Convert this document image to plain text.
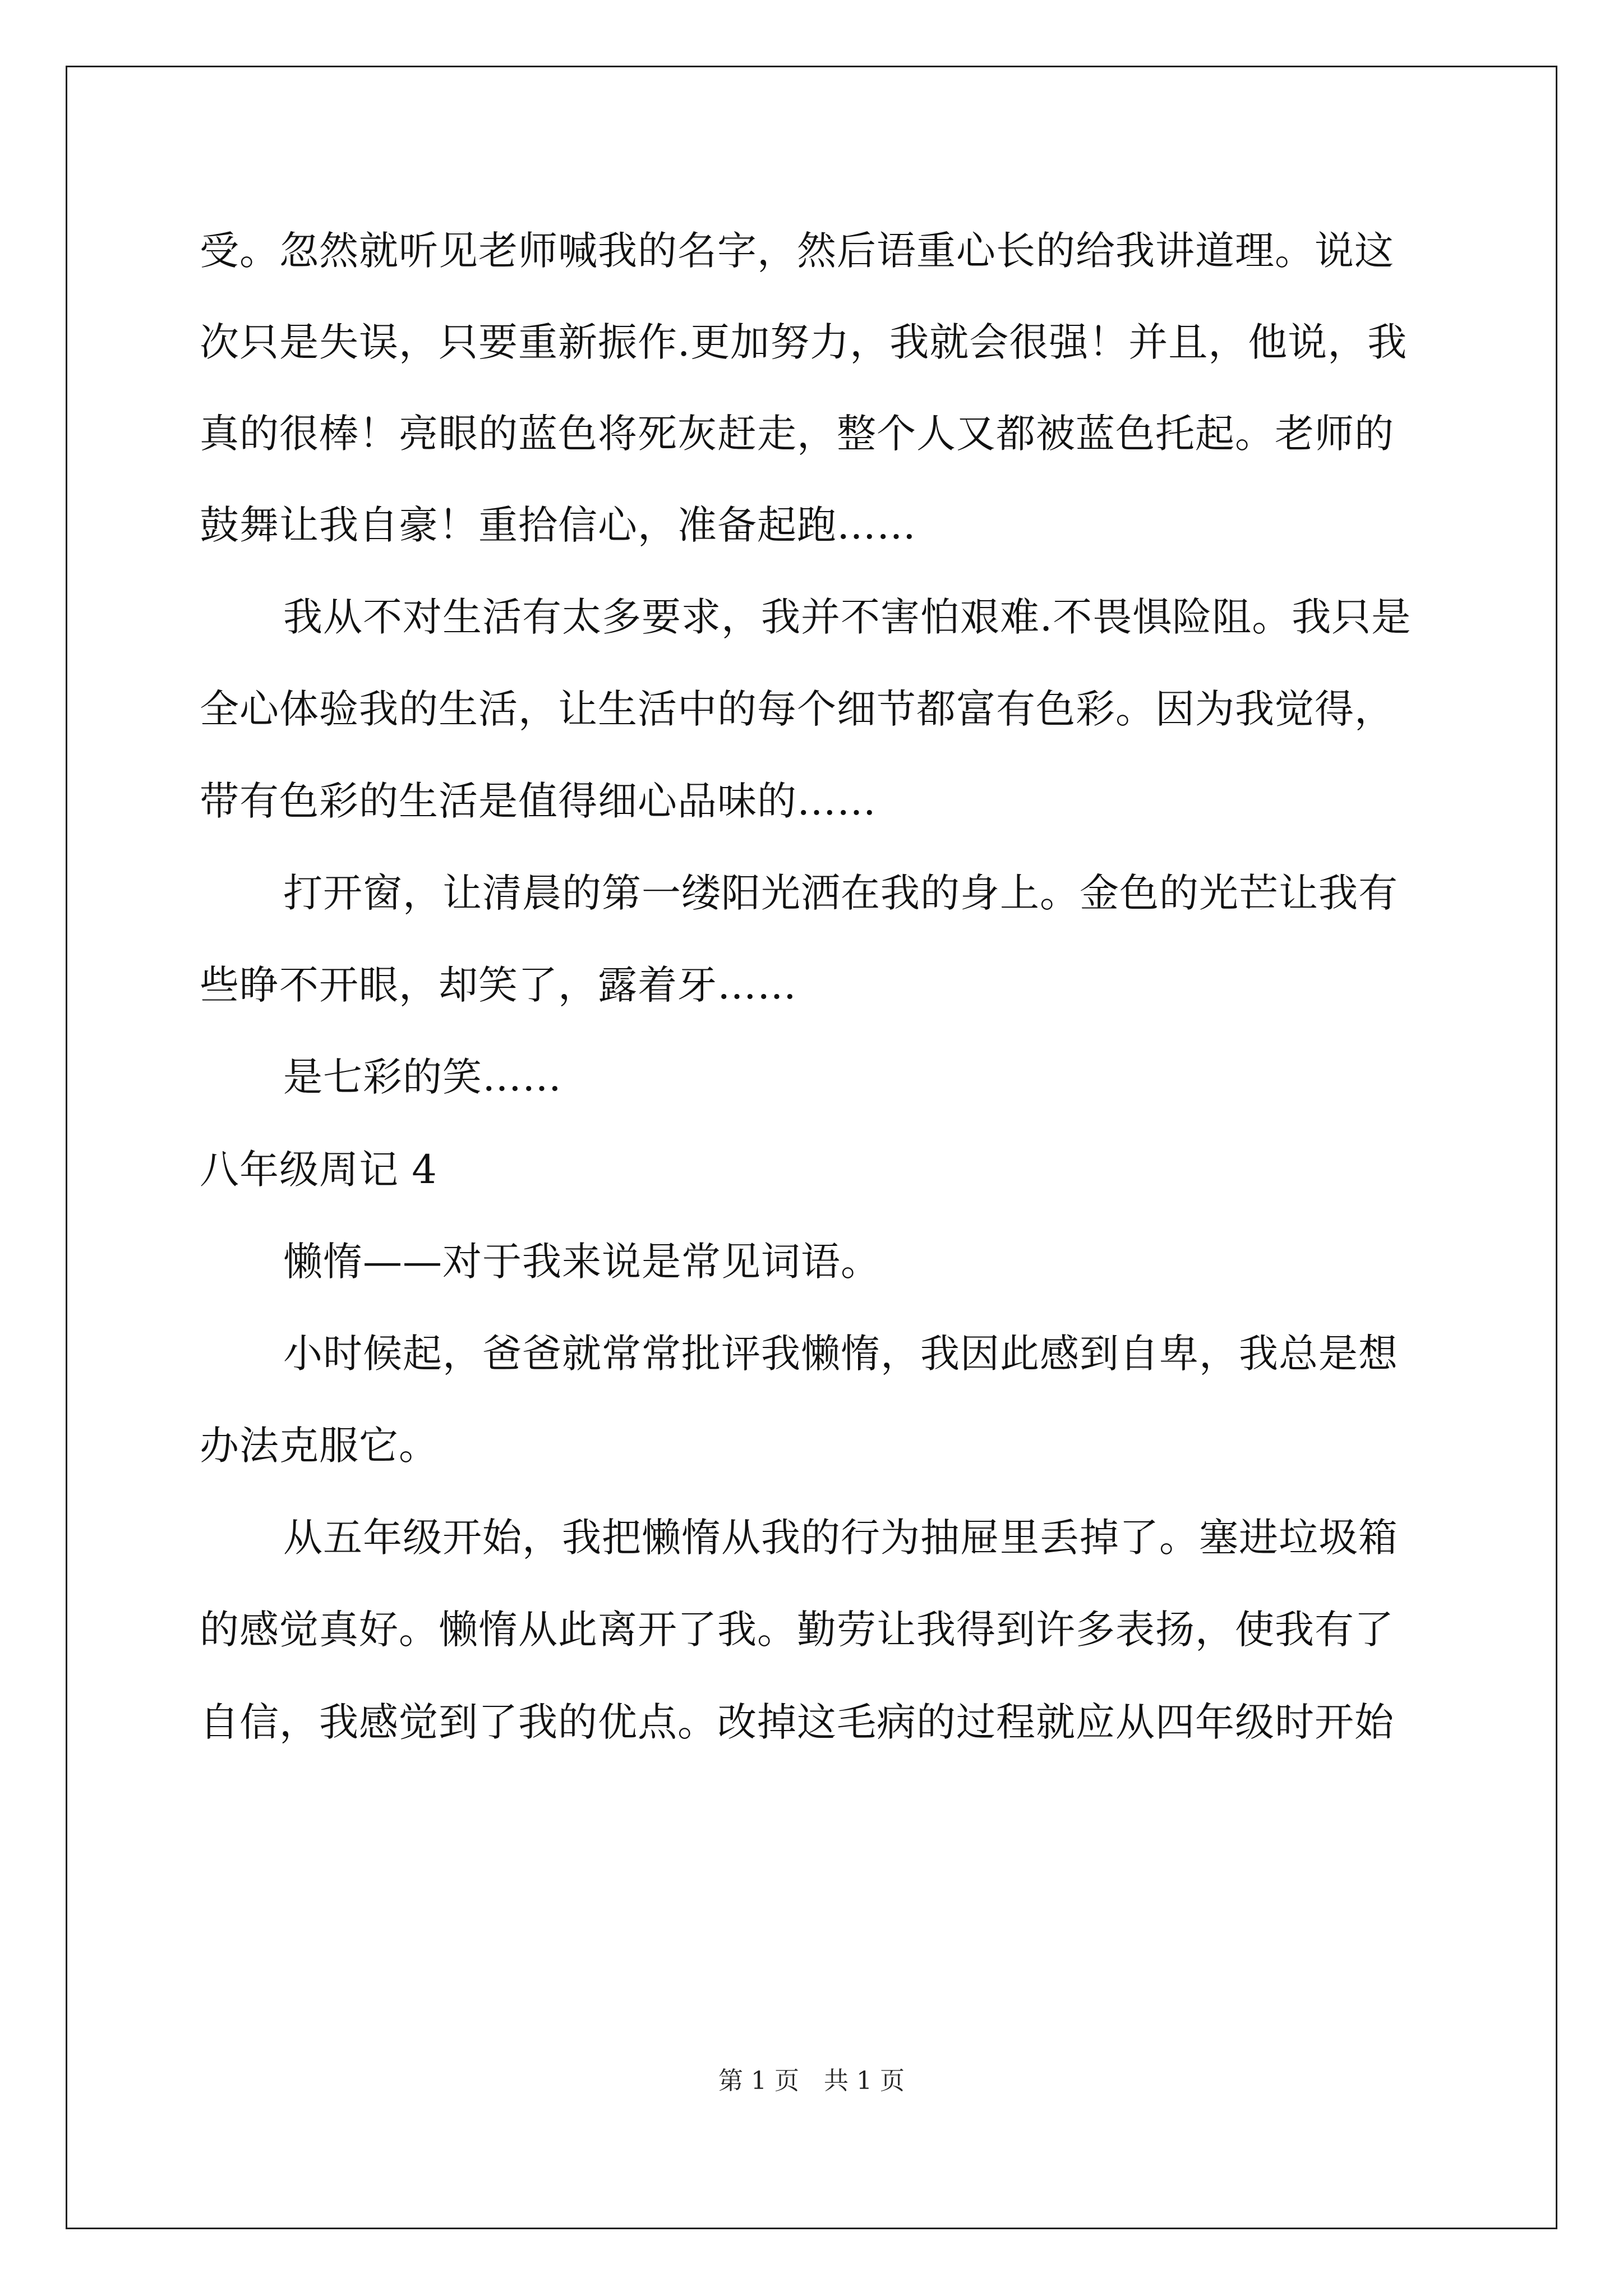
受。忽然就听见老师喊我的名字，然后语重心长的给我讲道理。说这
次只是失误，只要重新振作.更加努力，我就会很强！并且，他说，我
真的很棒！亮眼的蓝色将死灰赶走，整个人又都被蓝色托起。老师的
鼓舞让我自豪！重拾信心，准备起跑……
我从不对生活有太多要求，我并不害怕艰难.不畏惧险阻。我只是
全心体验我的生活，让生活中的每个细节都富有色彩。因为我觉得，
带有色彩的生活是值得细心品味的……
打开窗，让清晨的第一缕阳光洒在我的身上。金色的光芒让我有
些睁不开眼，却笑了，露着牙……
是七彩的笑……
八年级周记 4
懒惰——对于我来说是常见词语。
小时候起，爸爸就常常批评我懒惰，我因此感到自卑，我总是想
办法克服它。
从五年级开始，我把懒惰从我的行为抽屉里丢掉了。塞进垃圾箱
的感觉真好。懒惰从此离开了我。勤劳让我得到许多表扬，使我有了
自信，我感觉到了我的优点。改掉这毛病的过程就应从四年级时开始
第 1 页　共 1 页
